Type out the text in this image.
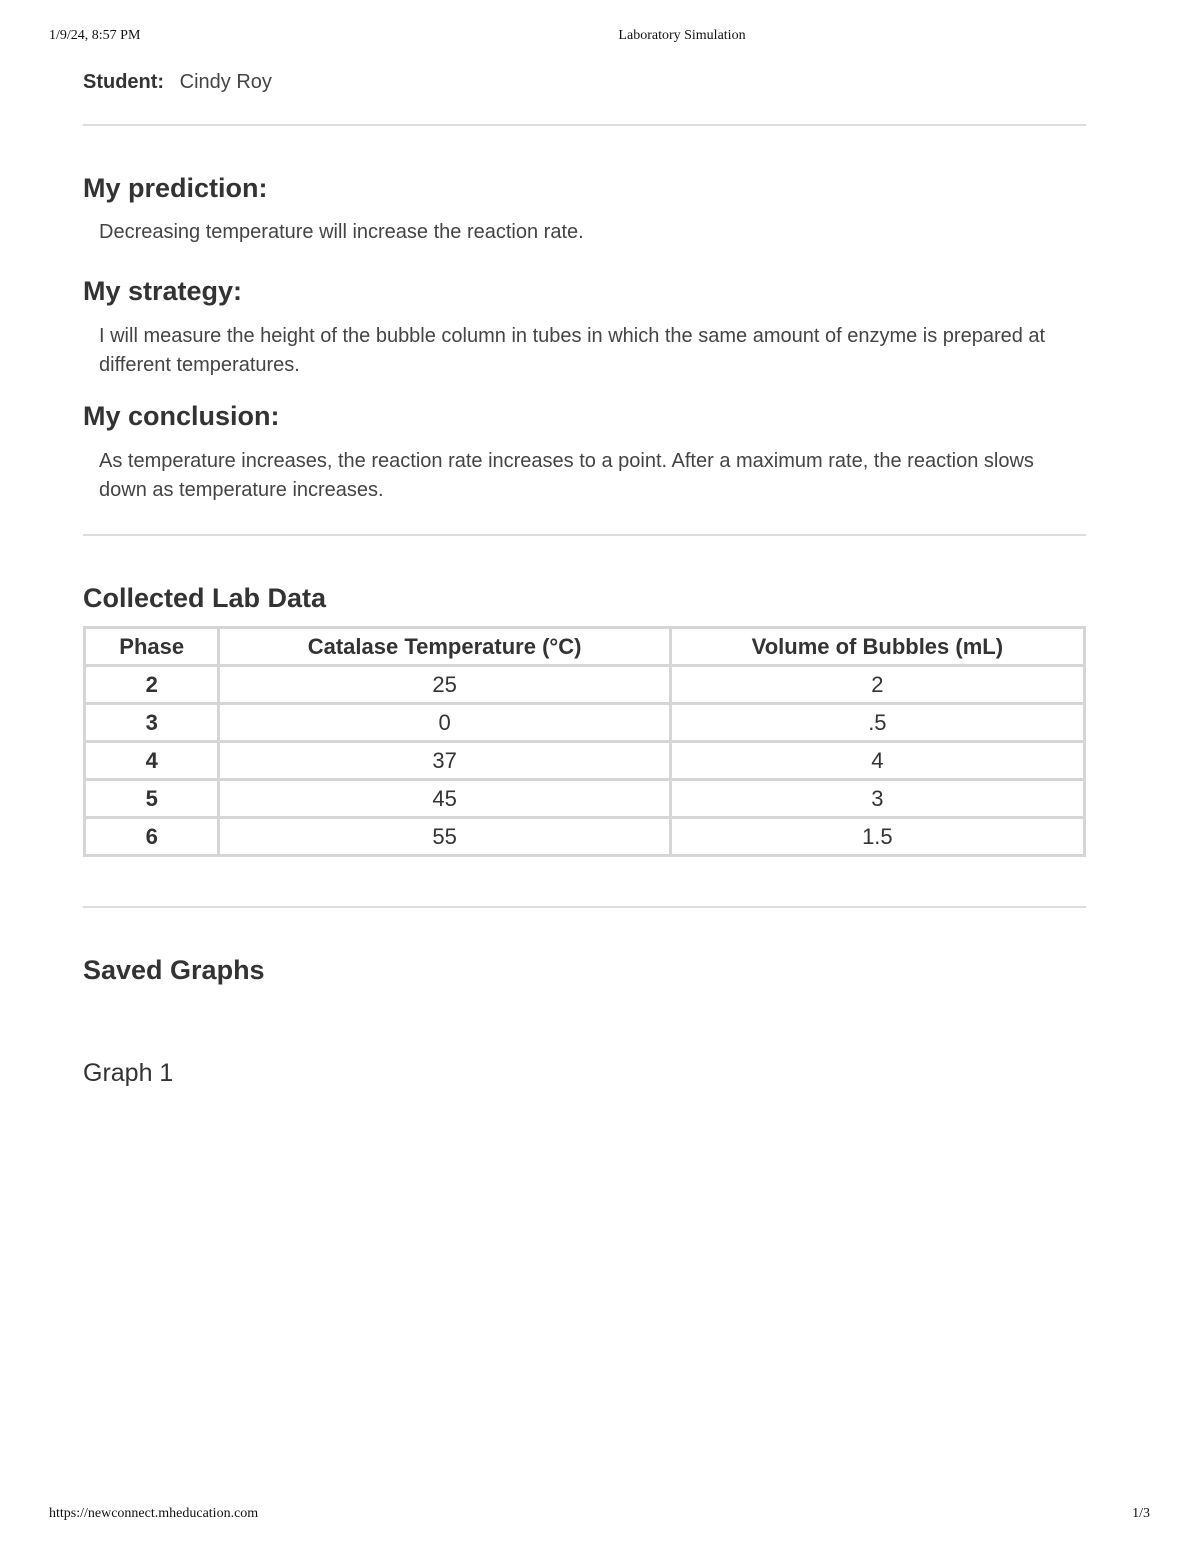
1/9/24, 8:57 PM	Laboratory Simulation
Student: Cindy Roy
My prediction:

Decreasing temperature will increase the reaction rate.

My strategy:

I will measure the height of the bubble column in tubes in which the same amount of enzyme is prepared at different temperatures.

My conclusion:

As temperature increases, the reaction rate increases to a point. After a maximum rate, the reaction slows down as temperature increases.

Collected Lab Data
Phase	Catalase Temperature (°C)	Volume of Bubbles (mL)
2	25	2
3	0	.5
4	37	4
5	45	3
6	55	1.5
Saved Graphs
Graph 1
https://newconnect.mheducation.com	1/3
